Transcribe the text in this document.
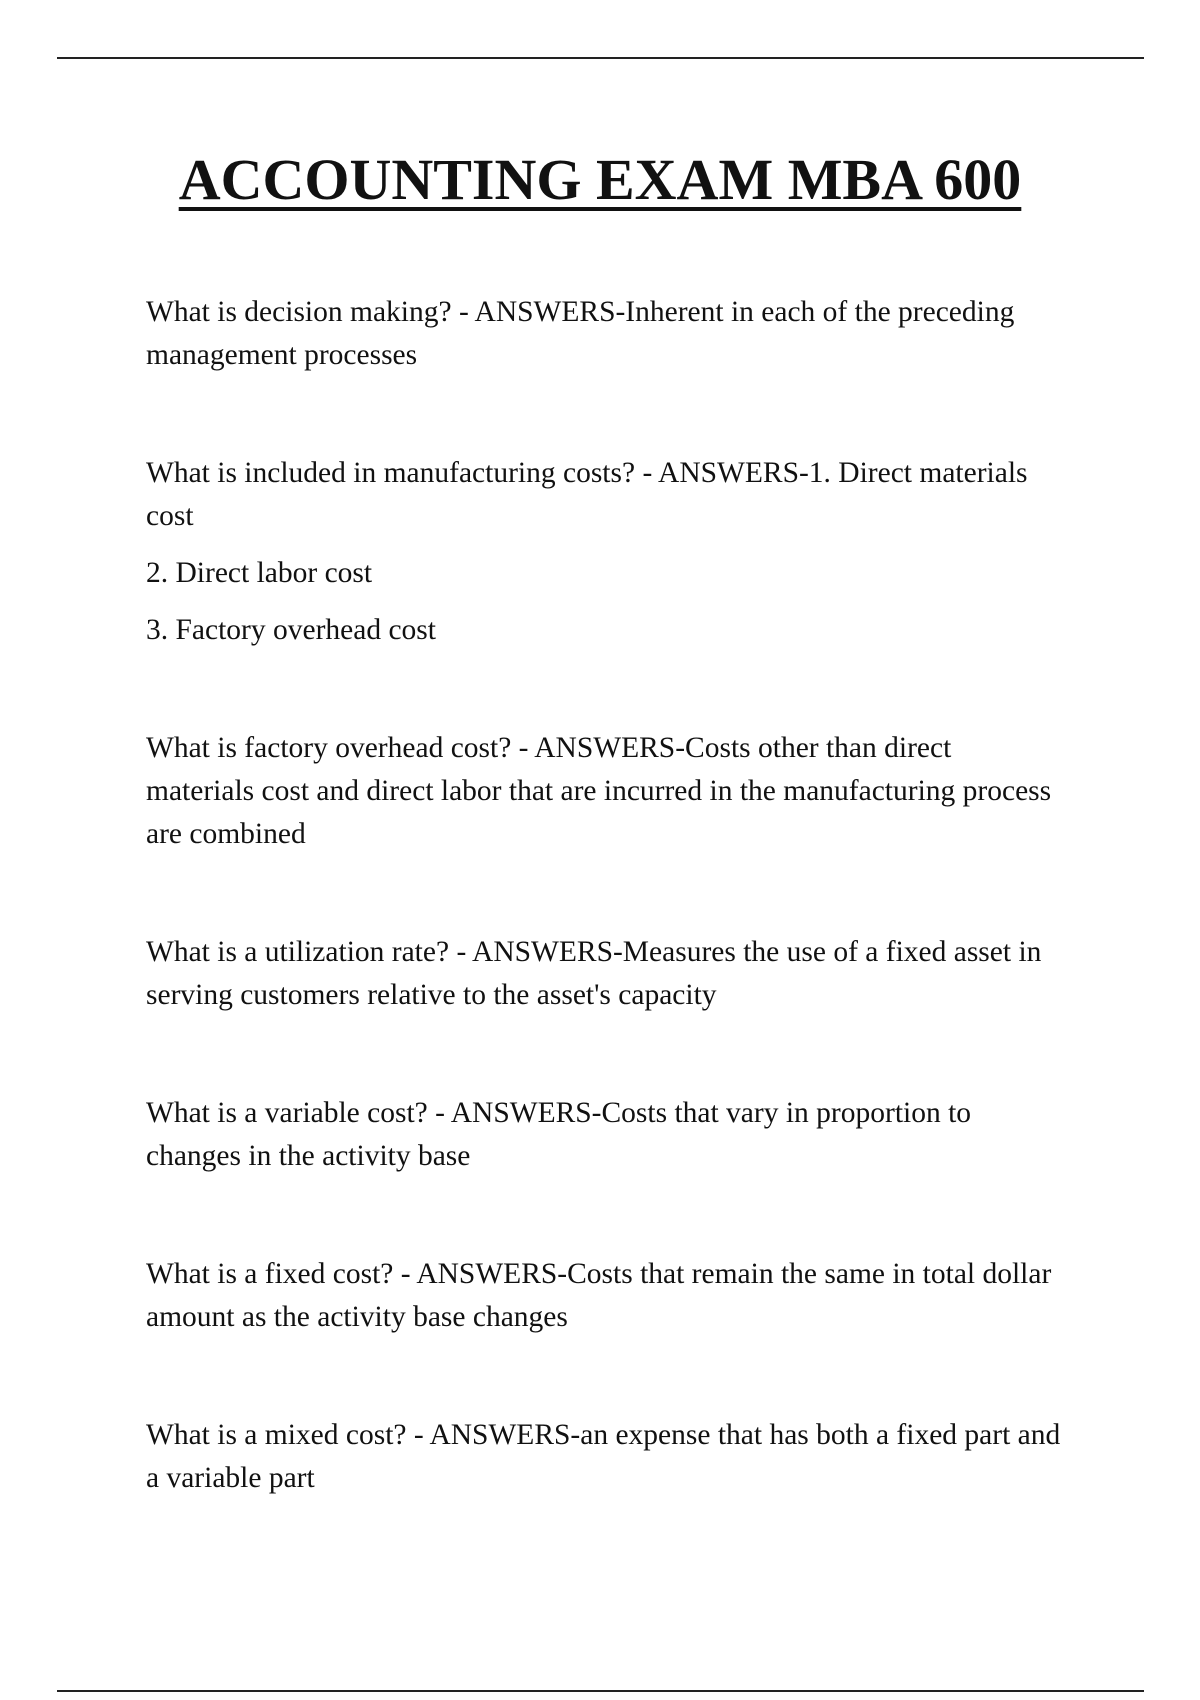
ACCOUNTING EXAM MBA 600

What is decision making? - ANSWERS-Inherent in each of the preceding management processes

What is included in manufacturing costs? - ANSWERS-1. Direct materials cost

2. Direct labor cost

3. Factory overhead cost

What is factory overhead cost? - ANSWERS-Costs other than direct materials cost and direct labor that are incurred in the manufacturing process are combined

What is a utilization rate? - ANSWERS-Measures the use of a fixed asset in serving customers relative to the asset's capacity

What is a variable cost? - ANSWERS-Costs that vary in proportion to changes in the activity base

What is a fixed cost? - ANSWERS-Costs that remain the same in total dollar amount as the activity base changes

What is a mixed cost? - ANSWERS-an expense that has both a fixed part and a variable part
